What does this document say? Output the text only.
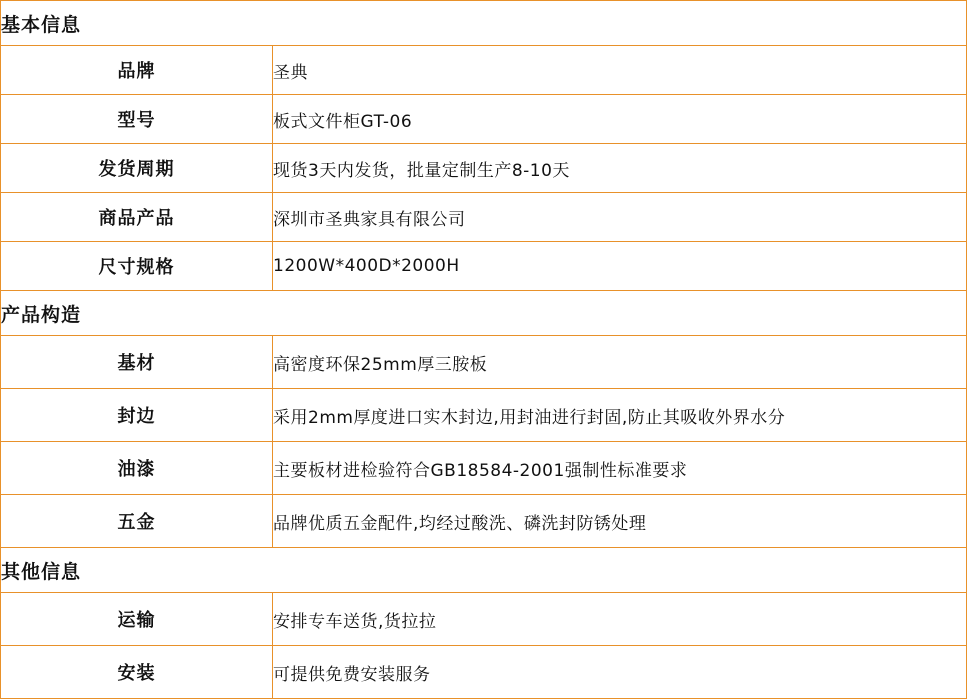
基本信息	
品牌	圣典
型号	板式文件柜GT-06
发货周期	现货3天内发货，批量定制生产8-10天
商品产品	深圳市圣典家具有限公司
尺寸规格	1200W*400D*2000H
产品构造	
基材	高密度环保25mm厚三胺板
封边	采用2mm厚度进口实木封边,用封油进行封固,防止其吸收外界水分
油漆	主要板材进检验符合GB18584-2001强制性标准要求
五金	品牌优质五金配件,均经过酸洗、磷洗封防锈处理
其他信息	
运输	安排专车送货,货拉拉
安装	可提供免费安装服务
